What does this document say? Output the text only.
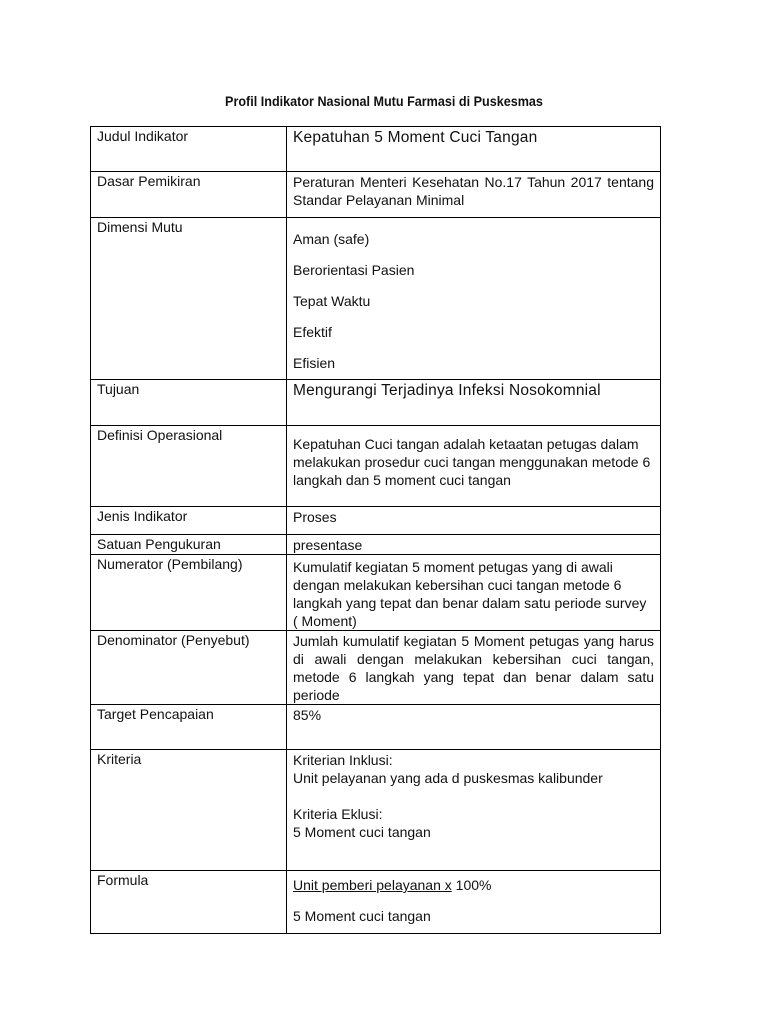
Profil Indikator Nasional Mutu Farmasi di Puskesmas
Judul Indikator	Kepatuhan 5 Moment Cuci Tangan
Dasar Pemikiran	Peraturan Menteri Kesehatan No.17 Tahun 2017 tentang Standar Pelayanan Minimal
Dimensi Mutu	Aman (safe)
Berorientasi Pasien
Tepat Waktu
Efektif
Efisien

Tujuan	Mengurangi Terjadinya Infeksi Nosokomnial
Definisi Operasional	Kepatuhan Cuci tangan adalah ketaatan petugas dalam melakukan prosedur cuci tangan menggunakan metode 6 langkah dan 5 moment cuci tangan
Jenis Indikator	Proses
Satuan Pengukuran	presentase
Numerator (Pembilang)	Kumulatif kegiatan 5 moment petugas yang di awali dengan melakukan kebersihan cuci tangan metode 6 langkah yang tepat dan benar dalam satu periode survey ( Moment)
Denominator (Penyebut)	Jumlah kumulatif kegiatan 5 Moment petugas yang harus di awali dengan melakukan kebersihan cuci tangan, metode 6 langkah yang tepat dan benar dalam satu periode
Target Pencapaian	85%
Kriteria	Kriterian Inklusi:
Unit pelayanan yang ada d puskesmas kalibunder
Kriteria Eklusi:
5 Moment cuci tangan

Formula	Unit pemberi pelayanan x 100%
5 Moment cuci tangan
